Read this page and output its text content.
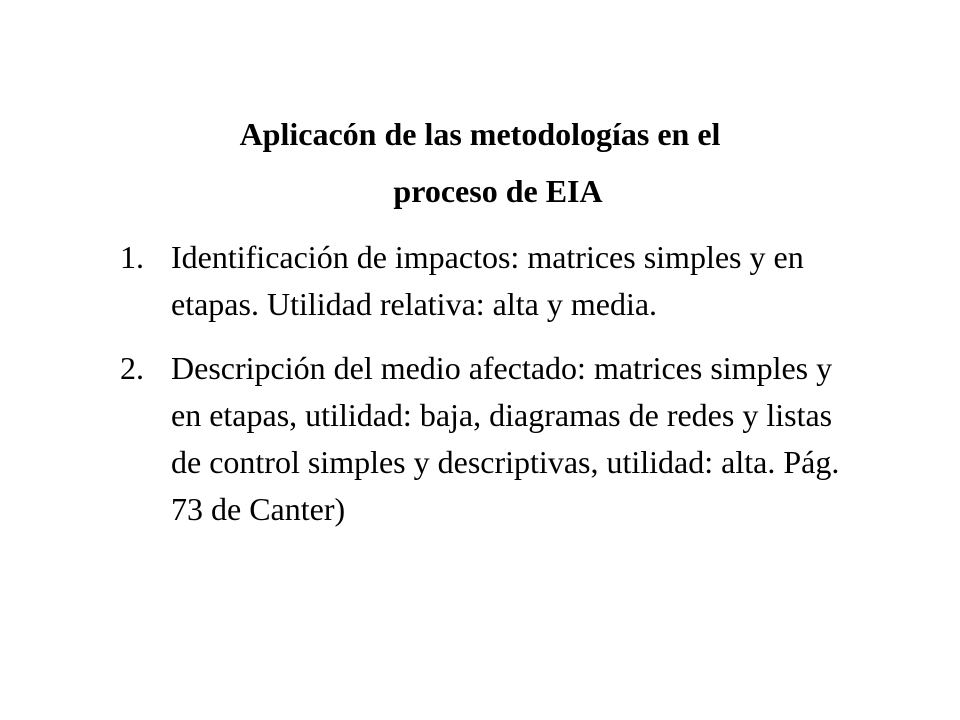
Aplicacón de las metodologías en el
proceso de EIA
1. Identificación de impactos: matrices simples y en etapas. Utilidad relativa: alta y media.
2. Descripción del medio afectado: matrices simples y en etapas, utilidad: baja, diagramas de redes y listas de control simples y descriptivas, utilidad: alta. Pág. 73 de Canter)
